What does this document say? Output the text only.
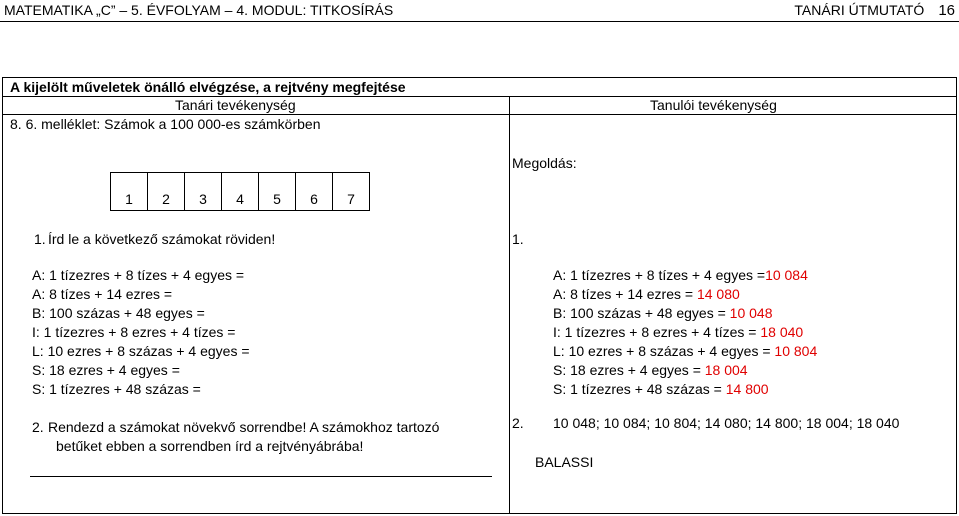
MATEMATIKA „C” – 5. ÉVFOLYAM – 4. MODUL: TITKOSÍRÁS	TANÁRI ÚTMUTATÓ 16
A kijelölt műveletek önálló elvégzése, a rejtvény megfejtése
Tanári tevékenység	Tanulói tevékenység
8. 6. melléklet: Számok a 100 000-es számkörben
1	2	3	4	5	6	7
1. Írd le a következő számokat röviden!
A: 1 tízezres + 8 tízes + 4 egyes =
A: 8 tízes + 14 ezres =
B: 100 százas + 48 egyes =
I: 1 tízezres + 8 ezres + 4 tízes =
L: 10 ezres + 8 százas + 4 egyes =
S: 18 ezres + 4 egyes =
S: 1 tízezres + 48 százas =
2. Rendezd a számokat növekvő sorrendbe! A számokhoz tartozó
betűket ebben a sorrendben írd a rejtvényábrába!
Megoldás:
1.
A: 1 tízezres + 8 tízes + 4 egyes =10 084
A: 8 tízes + 14 ezres = 14 080
B: 100 százas + 48 egyes = 10 048
I: 1 tízezres + 8 ezres + 4 tízes = 18 040
L: 10 ezres + 8 százas + 4 egyes = 10 804
S: 18 ezres + 4 egyes = 18 004
S: 1 tízezres + 48 százas = 14 800
2. 10 048; 10 084; 10 804; 14 080; 14 800; 18 004; 18 040
BALASSI
